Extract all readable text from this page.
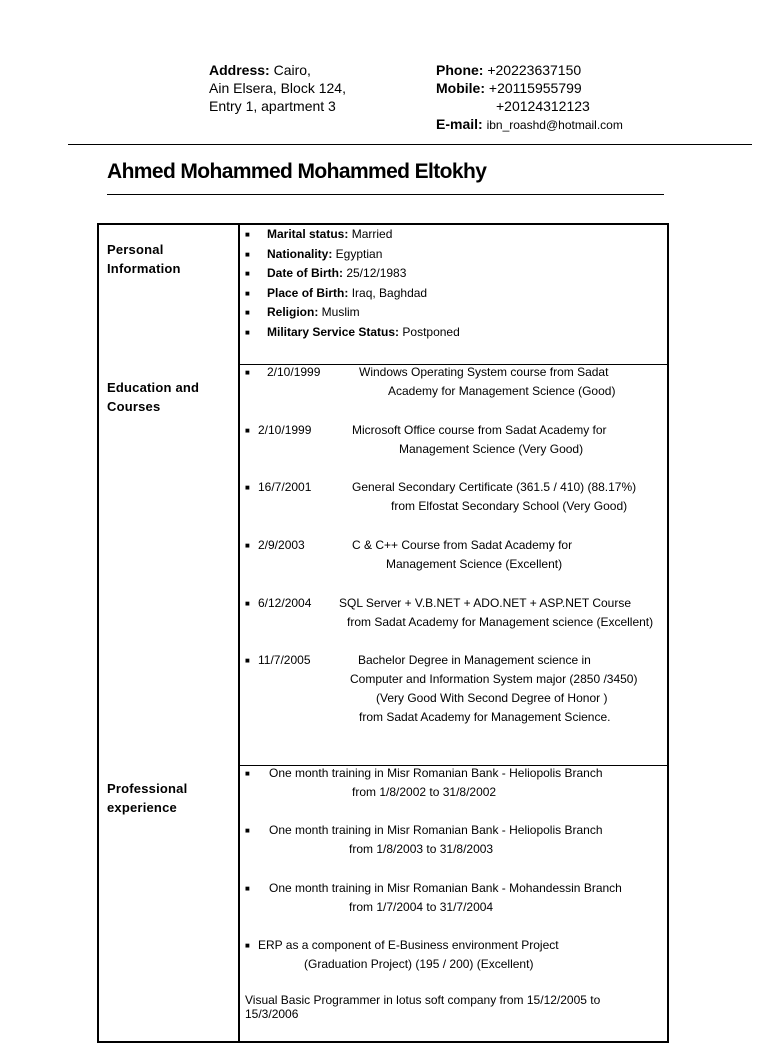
Address: Cairo,
Ain Elsera, Block 124,
Entry 1, apartment 3
Phone: +20223637150
Mobile: +20115955799
+20124312123
E-mail: ibn_roashd@hotmail.com
Ahmed Mohammed Mohammed Eltokhy
Personal
Information
■ Marital status: Married
■ Nationality: Egyptian
■ Date of Birth: 25/12/1983
■ Place of Birth: Iraq, Baghdad
■ Religion: Muslim
■ Military Service Status: Postponed
Education and
Courses
■ 2/10/1999	Windows Operating System course from Sadat
Academy for Management Science (Good)
■ 2/10/1999	Microsoft Office course from Sadat Academy for
Management Science (Very Good)
■ 16/7/2001	General Secondary Certificate (361.5 / 410) (88.17%)
from Elfostat Secondary School (Very Good)
■ 2/9/2003	C & C++ Course from Sadat Academy for
Management Science (Excellent)
■ 6/12/2004 SQL Server + V.B.NET + ADO.NET + ASP.NET Course
from Sadat Academy for Management science (Excellent)
■ 11/7/2005	Bachelor Degree in Management science in
Computer and Information System major (2850 /3450)
(Very Good With Second Degree of Honor )
from Sadat Academy for Management Science.
Professional
experience
■ One month training in Misr Romanian Bank - Heliopolis Branch
from 1/8/2002 to 31/8/2002
■ One month training in Misr Romanian Bank - Heliopolis Branch
from 1/8/2003 to 31/8/2003
■ One month training in Misr Romanian Bank - Mohandessin Branch
from 1/7/2004 to 31/7/2004
■ ERP as a component of E-Business environment Project
(Graduation Project) (195 / 200) (Excellent)
Visual Basic Programmer in lotus soft company from 15/12/2005 to
15/3/2006
